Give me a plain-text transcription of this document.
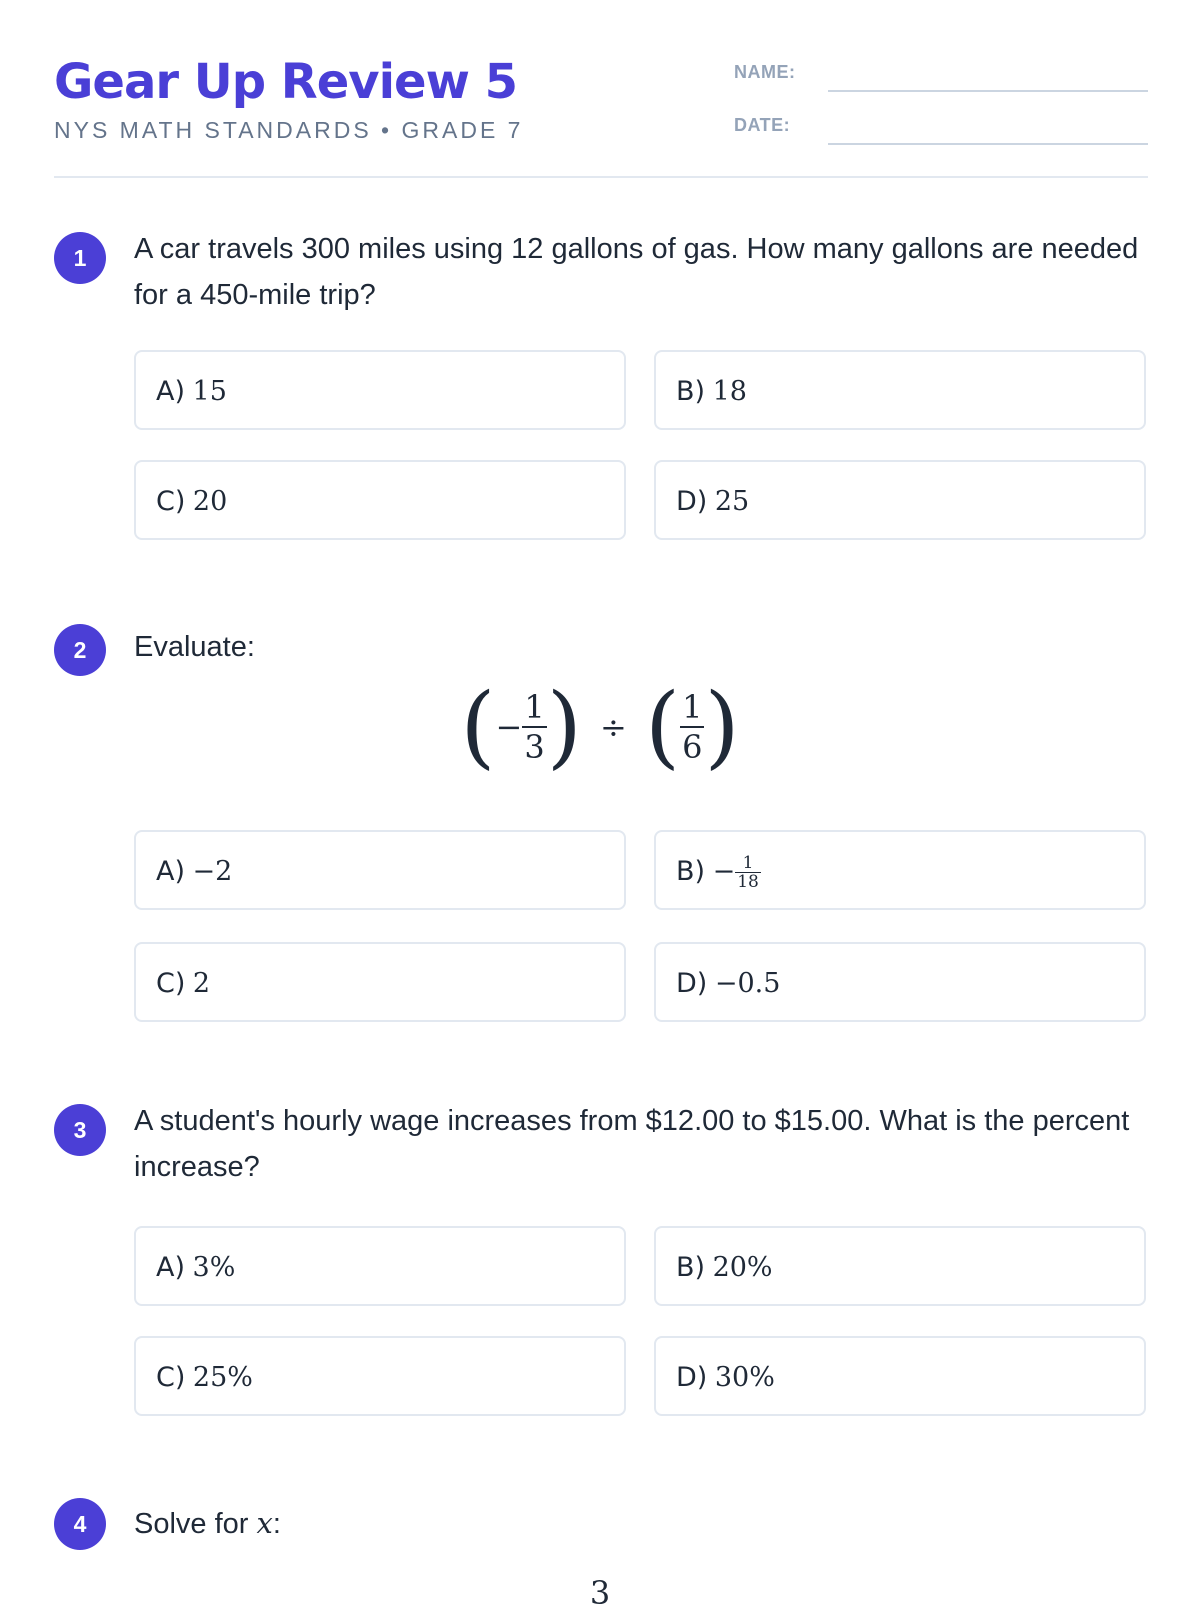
Gear Up Review 5
NYS MATH STANDARDS • GRADE 7
NAME:
DATE:
1	A car travels 300 miles using 12 gallons of gas. How many gallons are needed for a 450-mile trip?
A) 15	B) 18
C) 20	D) 25
2	Evaluate:
(− $\frac{1}{3}$ ) ÷ ( $\frac{1}{6}$ )
A) −2	$B) - \frac{1}{18}$
C) 2	D) −0.5
3	A student's hourly wage increases from $12.00 to $15.00. What is the percent increase?
A) 3%	B) 20%
C) 25%	D) 30%
4	Solve for x:
3
